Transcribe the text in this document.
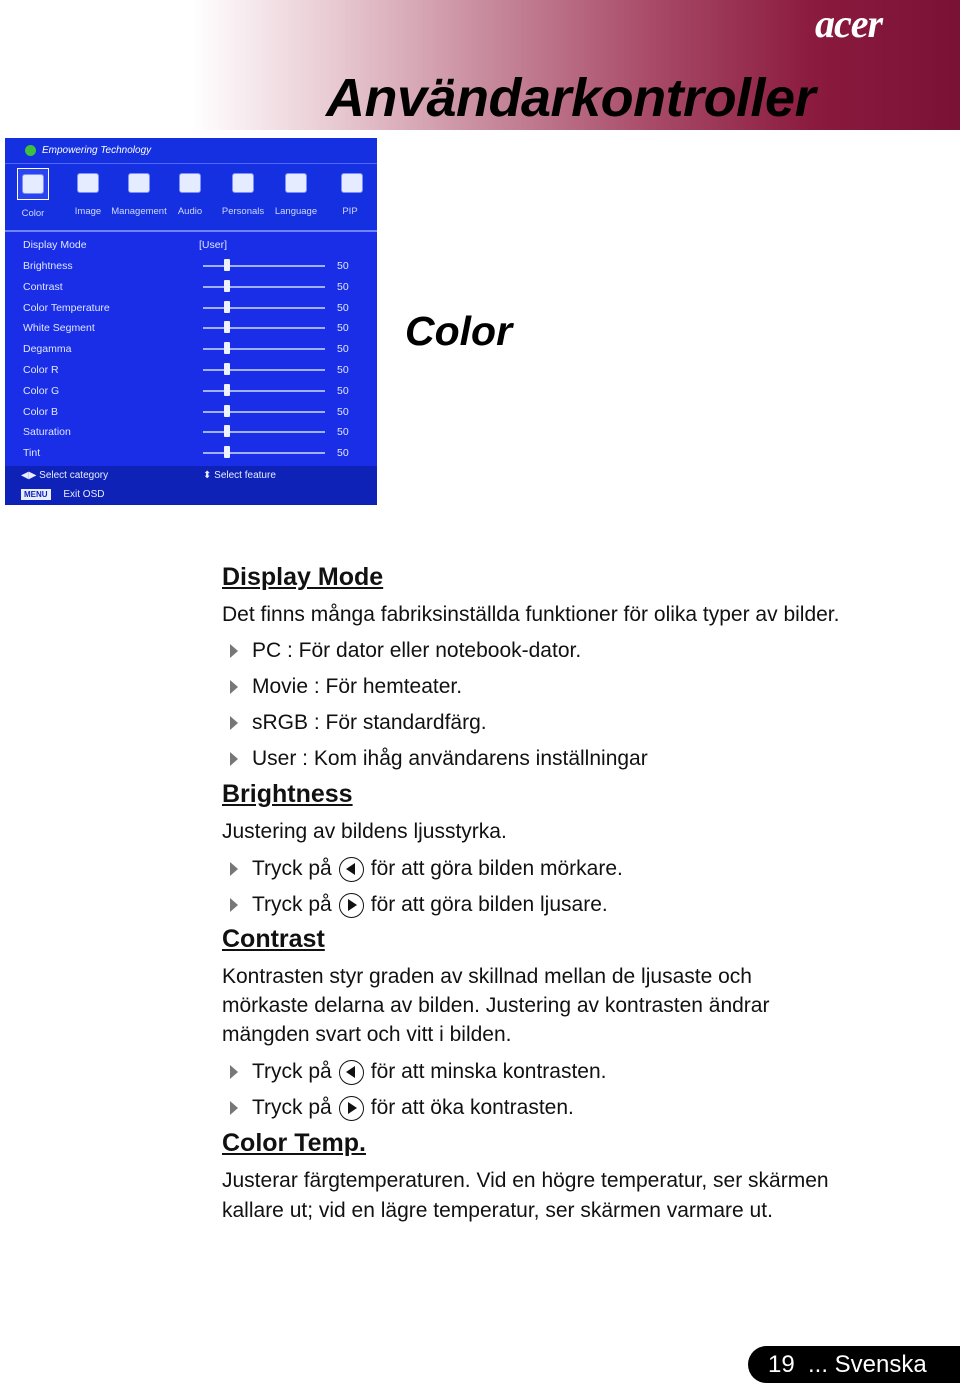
acer
Användarkontroller
Empowering Technology
Color	Image	Management	Audio	Personals	Language	PIP
Display Mode	[User]
Brightness	50
Contrast	50
Color Temperature	50
White Segment	50
Degamma	50
Color R	50
Color G	50
Color B	50
Saturation	50
Tint	50
◀▶ Select category	⬍ Select feature
MENU Exit OSD
Color
Display Mode

Det finns många fabriksinställda funktioner för olika typer av bilder.

PC : För dator eller notebook-dator.
Movie : För hemteater.
sRGB : För standardfärg.
User : Kom ihåg användarens inställningar
Brightness

Justering av bildens ljusstyrka.

Tryck på för att göra bilden mörkare.
Tryck på för att göra bilden ljusare.
Contrast

Kontrasten styr graden av skillnad mellan de ljusaste och

mörkaste delarna av bilden. Justering av kontrasten ändrar

mängden svart och vitt i bilden.

Tryck på för att minska kontrasten.
Tryck på för att öka kontrasten.
Color Temp.

Justerar färgtemperaturen. Vid en högre temperatur, ser skärmen

kallare ut; vid en lägre temperatur, ser skärmen varmare ut.

19 ... Svenska
